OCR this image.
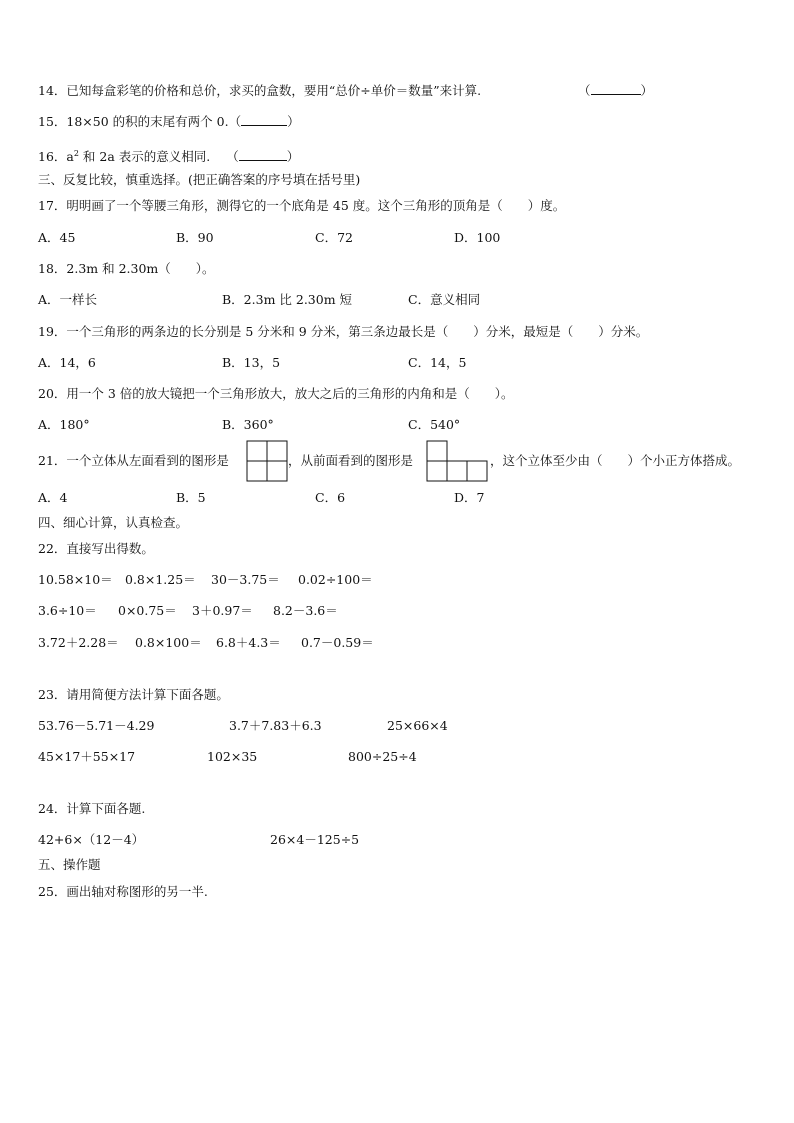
14．已知每盒彩笔的价格和总价，求买的盒数，要用“总价÷单价＝数量”来计算.	（	）
15．18×50 的积的末尾有两个 0.（	）
16．$a^2$ 和 2a 表示的意义相同. （	）
三、反复比较，慎重选择。(把正确答案的序号填在括号里)
17．明明画了一个等腰三角形，测得它的一个底角是 45 度。这个三角形的顶角是（　　）度。
A．45	B．90	C．72	D．100
18．2.3m 和 2.30m（　　）。
A．一样长	B．2.3m 比 2.30m 短	C．意义相同
19．一个三角形的两条边的长分别是 5 分米和 9 分米，第三条边最长是（　　）分米，最短是（　　）分米。
A．14，6	B．13，5	C．14，5
20．用一个 3 倍的放大镜把一个三角形放大，放大之后的三角形的内角和是（　　）。
A．180°	B．360°	C．540°
21．一个立体从左面看到的图形是	，从前面看到的图形是	，这个立体至少由（　　）个小正方体搭成。
A．4	B．5	C．6	D．7
四、细心计算，认真检查。
22．直接写出得数。
10.58×10＝ 0.8×1.25＝ 30－3.75＝ 0.02÷100＝
3.6÷10＝ 0×0.75＝ 3＋0.97＝ 8.2－3.6＝
3.72＋2.28＝ 0.8×100＝ 6.8＋4.3＝ 0.7－0.59＝
23．请用简便方法计算下面各题。
53.76－5.71－4.29	3.7＋7.83＋6.3	25×66×4
45×17＋55×17	102×35	800÷25÷4
24．计算下面各题.
42+6×（12－4）	26×4－125÷5
五、操作题
25．画出轴对称图形的另一半.
